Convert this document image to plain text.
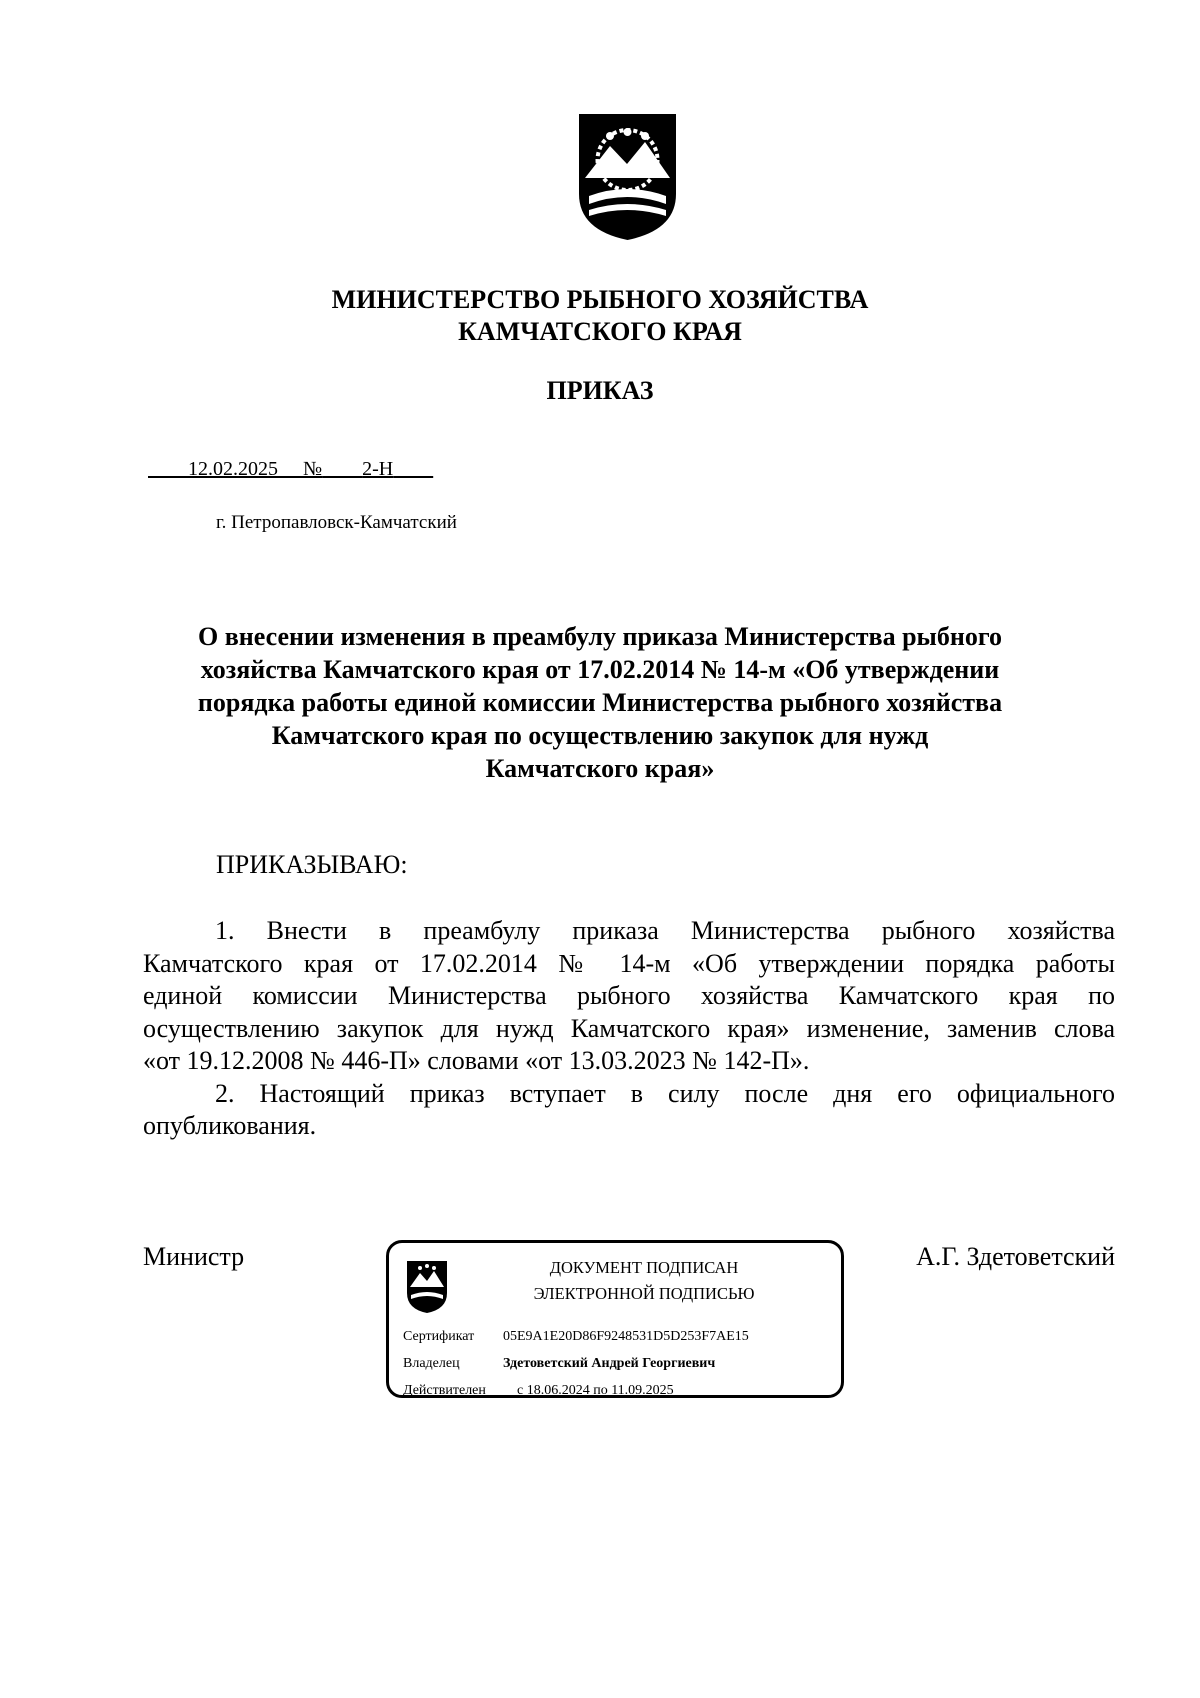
МИНИСТЕРСТВО РЫБНОГО ХОЗЯЙСТВА
КАМЧАТСКОГО КРАЯ
ПРИКАЗ
12.02.2025 № 2-Н
г. Петропавловск-Камчатский
О внесении изменения в преамбулу приказа Министерства рыбного
хозяйства Камчатского края от 17.02.2014 № 14-м «Об утверждении
порядка работы единой комиссии Министерства рыбного хозяйства
Камчатского края по осуществлению закупок для нужд
Камчатского края»
ПРИКАЗЫВАЮ:
1. Внести в преамбулу приказа Министерства рыбного хозяйства
Камчатского края от 17.02.2014 № 14-м «Об утверждении порядка работы
единой комиссии Министерства рыбного хозяйства Камчатского края по
осуществлению закупок для нужд Камчатского края» изменение, заменив слова
«от 19.12.2008 № 446-П» словами «от 13.03.2023 № 142-П».
2. Настоящий приказ вступает в силу после дня его официального
опубликования.
Министр	А.Г. Здетоветский
ДОКУМЕНТ ПОДПИСАН
ЭЛЕКТРОННОЙ ПОДПИСЬЮ
Сертификат 05E9A1E20D86F9248531D5D253F7AE15
Владелец	Здетоветский Андрей Георгиевич
Действителен с 18.06.2024 по 11.09.2025
